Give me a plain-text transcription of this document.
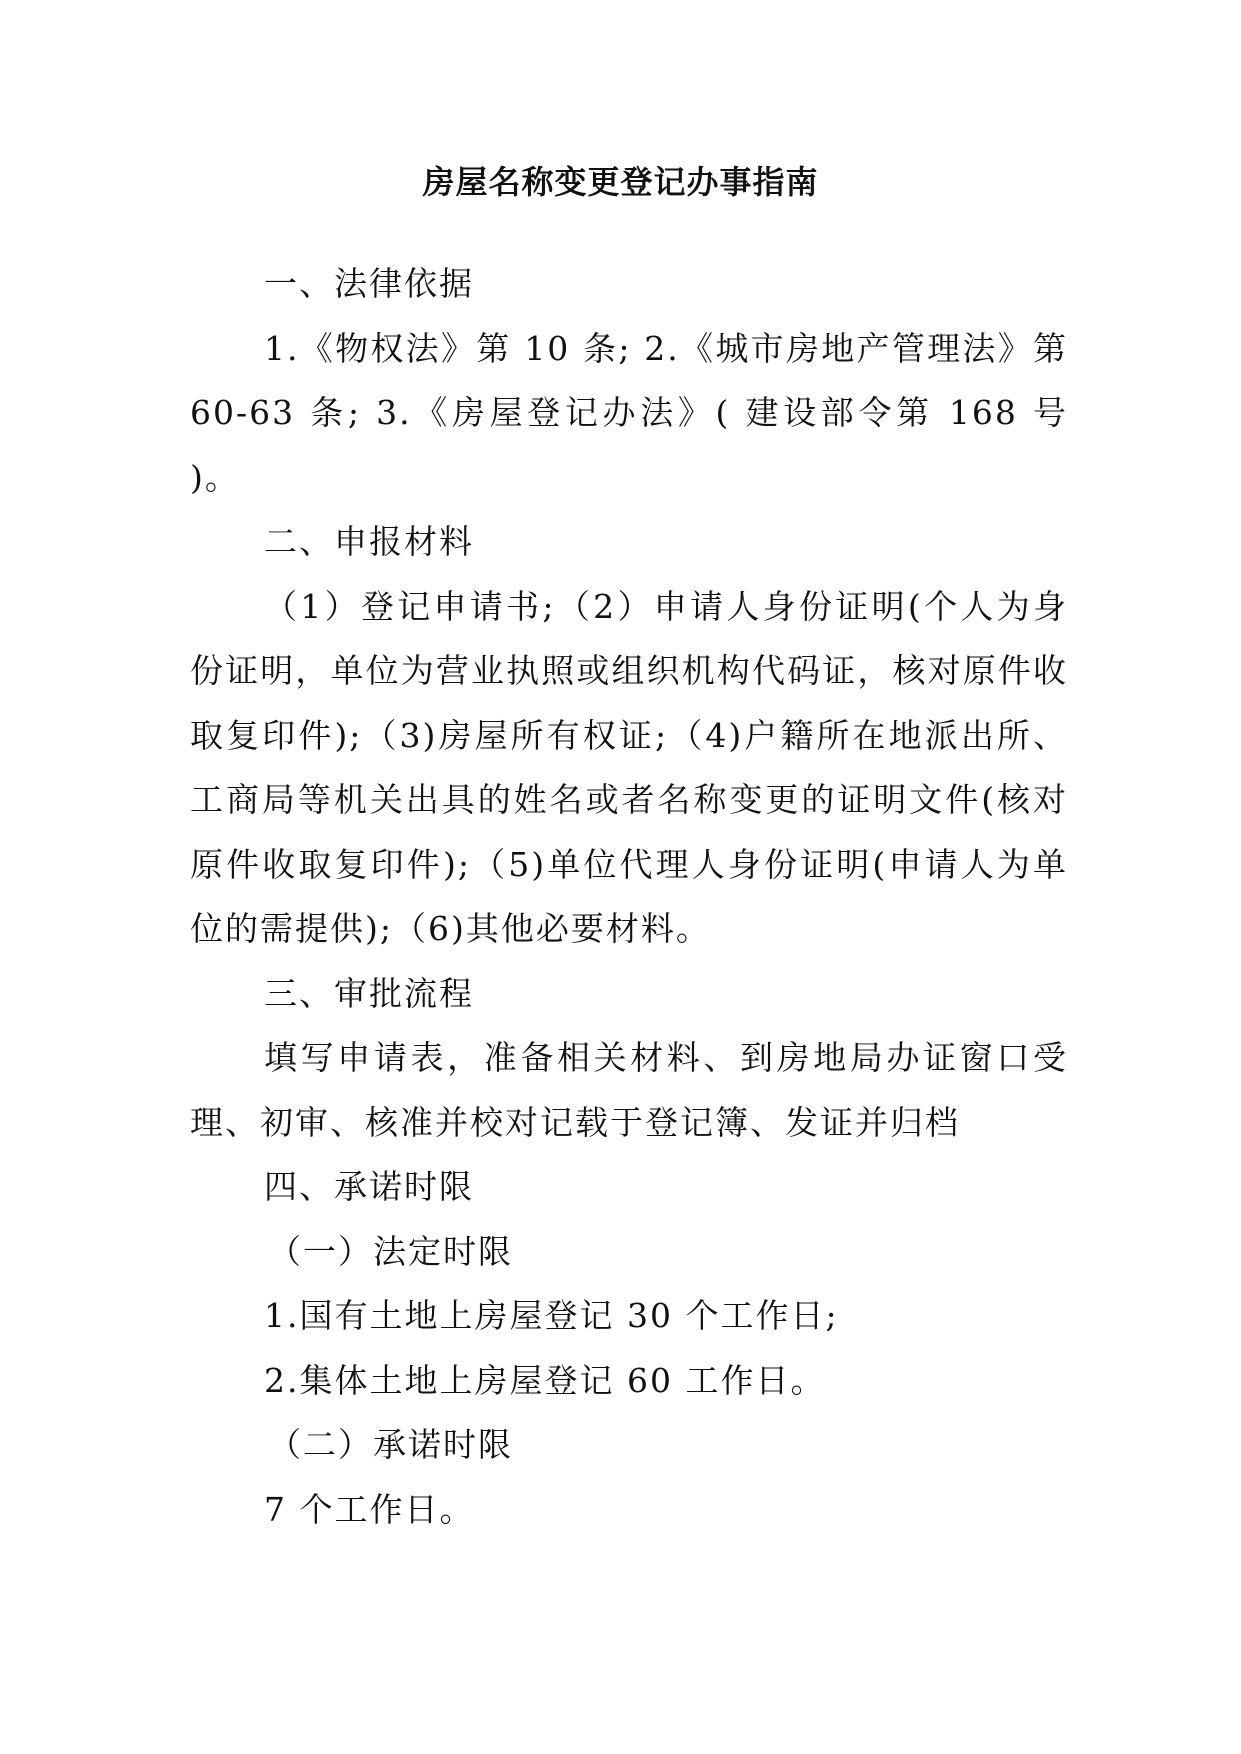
房屋名称变更登记办事指南

一、法律依据

1.《物权法》第 10 条; 2.《城市房地产管理法》第 60-63 条; 3.《房屋登记办法》( 建设部令第 168 号 )。

二、申报材料

（1）登记申请书;（2）申请人身份证明(个人为身份证明，单位为营业执照或组织机构代码证，核对原件收取复印件);（3)房屋所有权证;（4)户籍所在地派出所、工商局等机关出具的姓名或者名称变更的证明文件(核对原件收取复印件);（5)单位代理人身份证明(申请人为单位的需提供);（6)其他必要材料。

三、审批流程

填写申请表，准备相关材料、到房地局办证窗口受理、初审、核准并校对记载于登记簿、发证并归档

四、承诺时限

（一）法定时限

1.国有土地上房屋登记 30 个工作日;

2.集体土地上房屋登记 60 工作日。

（二）承诺时限

7 个工作日。
